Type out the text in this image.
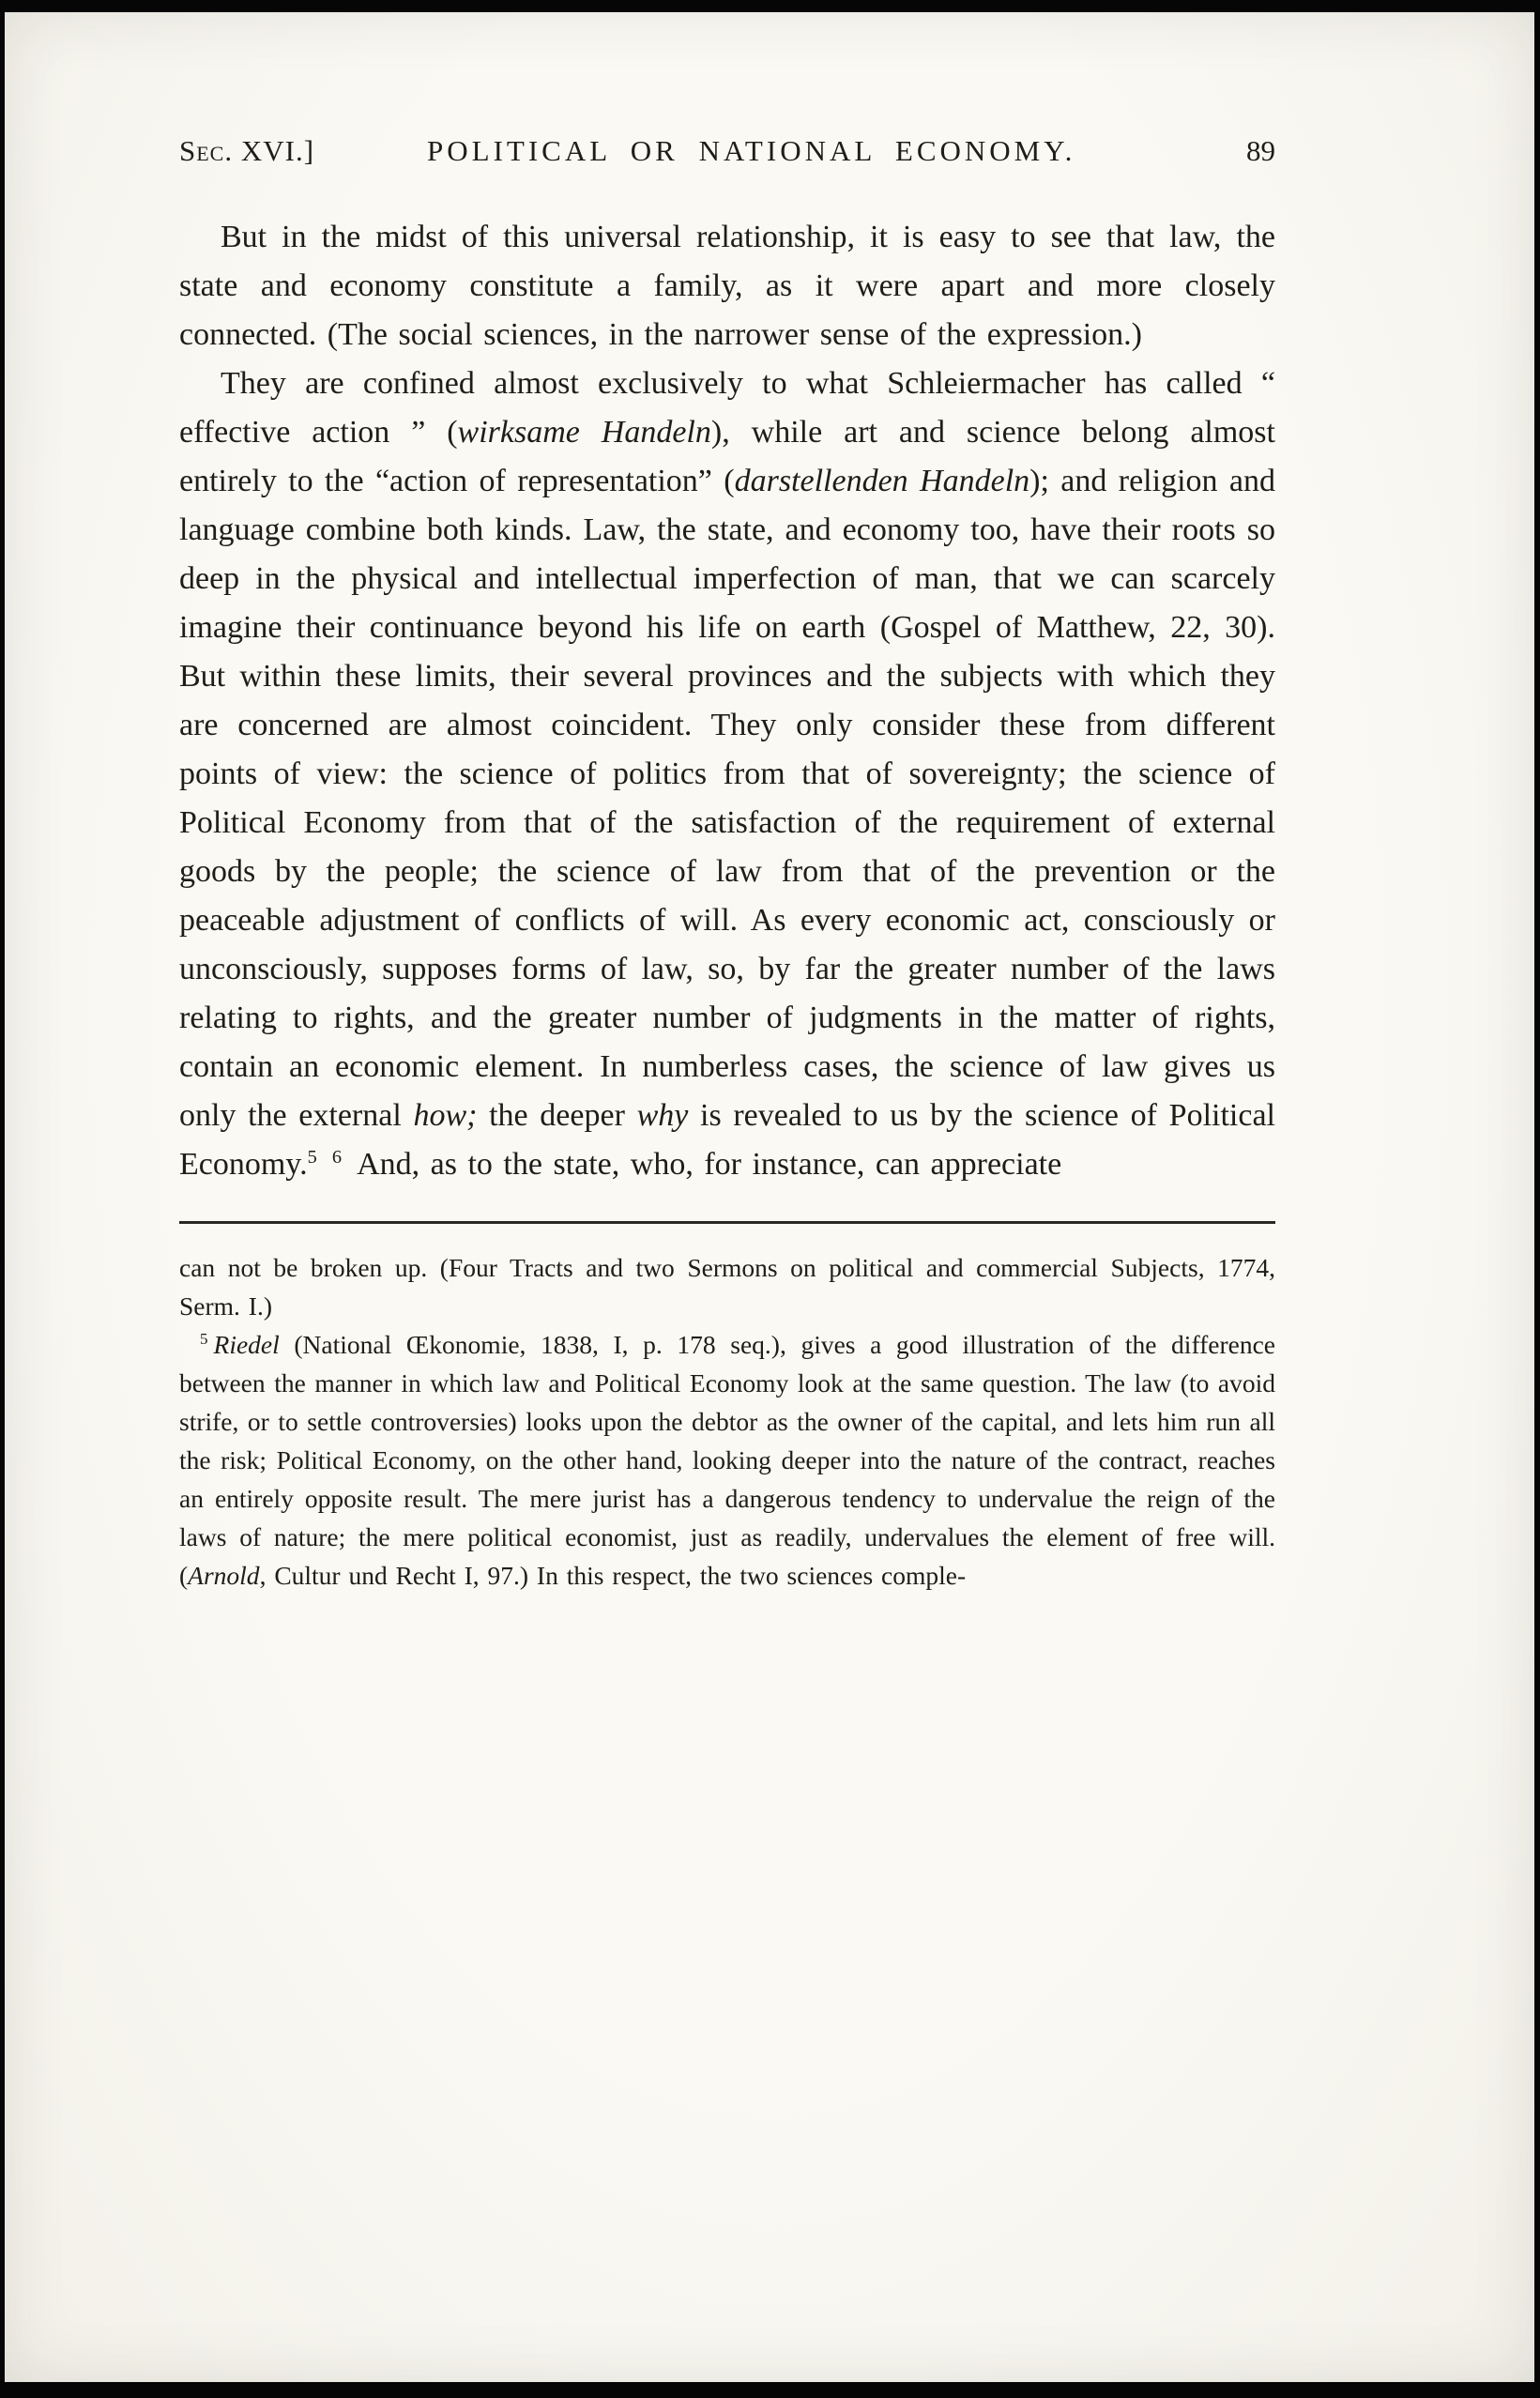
Sec. XVI.]	POLITICAL OR NATIONAL ECONOMY.	89

But in the midst of this universal relationship, it is easy to see that law, the state and economy constitute a family, as it were apart and more closely connected. (The social sciences, in the narrower sense of the expression.)

They are confined almost exclusively to what Schleiermacher has called “ effective action ” (wirksame Handeln), while art and science belong almost entirely to the “action of representation” (darstellenden Handeln); and religion and language combine both kinds. Law, the state, and economy too, have their roots so deep in the physical and intellectual imperfection of man, that we can scarcely imagine their continuance beyond his life on earth (Gospel of Matthew, 22, 30). But within these limits, their several provinces and the subjects with which they are concerned are almost coincident. They only consider these from different points of view: the science of politics from that of sovereignty; the science of Political Economy from that of the satisfaction of the requirement of external goods by the people; the science of law from that of the prevention or the peaceable adjustment of conflicts of will. As every economic act, consciously or unconsciously, supposes forms of law, so, by far the greater number of the laws relating to rights, and the greater number of judgments in the matter of rights, contain an economic element. In numberless cases, the science of law gives us only the external how; the deeper why is revealed to us by the science of Political Economy.$^{5 6}$ And, as to the state, who, for instance, can appreciate

can not be broken up. (Four Tracts and two Sermons on political and commercial Subjects, 1774, Serm. I.)

$^5$ Riedel (National Œkonomie, 1838, I, p. 178 seq.), gives a good illustration of the difference between the manner in which law and Political Economy look at the same question. The law (to avoid strife, or to settle controversies) looks upon the debtor as the owner of the capital, and lets him run all the risk; Political Economy, on the other hand, looking deeper into the nature of the contract, reaches an entirely opposite result. The mere jurist has a dangerous tendency to undervalue the reign of the laws of nature; the mere political economist, just as readily, undervalues the element of free will. (Arnold, Cultur und Recht I, 97.) In this respect, the two sciences comple-
